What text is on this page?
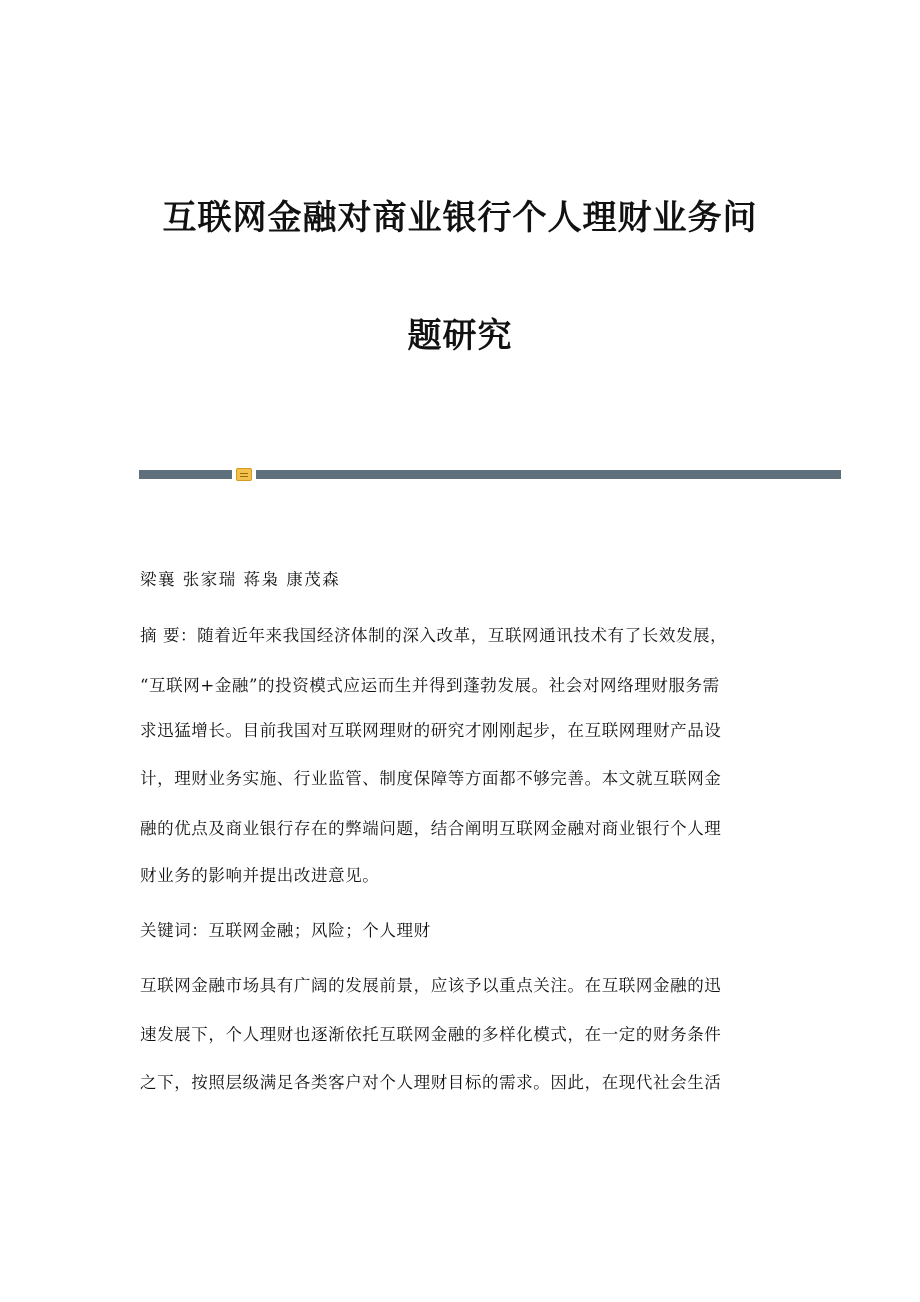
互联网金融对商业银行个人理财业务问
题研究
梁襄 张家瑞 蒋枭 康茂森
摘 要：随着近年来我国经济体制的深入改革，互联网通讯技术有了长效发展，
“互联网+金融”的投资模式应运而生并得到蓬勃发展。社会对网络理财服务需
求迅猛增长。目前我国对互联网理财的研究才刚刚起步，在互联网理财产品设
计，理财业务实施、行业监管、制度保障等方面都不够完善。本文就互联网金
融的优点及商业银行存在的弊端问题，结合阐明互联网金融对商业银行个人理
财业务的影响并提出改进意见。
关键词：互联网金融；风险；个人理财
互联网金融市场具有广阔的发展前景，应该予以重点关注。在互联网金融的迅
速发展下，个人理财也逐渐依托互联网金融的多样化模式，在一定的财务条件
之下，按照层级满足各类客户对个人理财目标的需求。因此，在现代社会生活
